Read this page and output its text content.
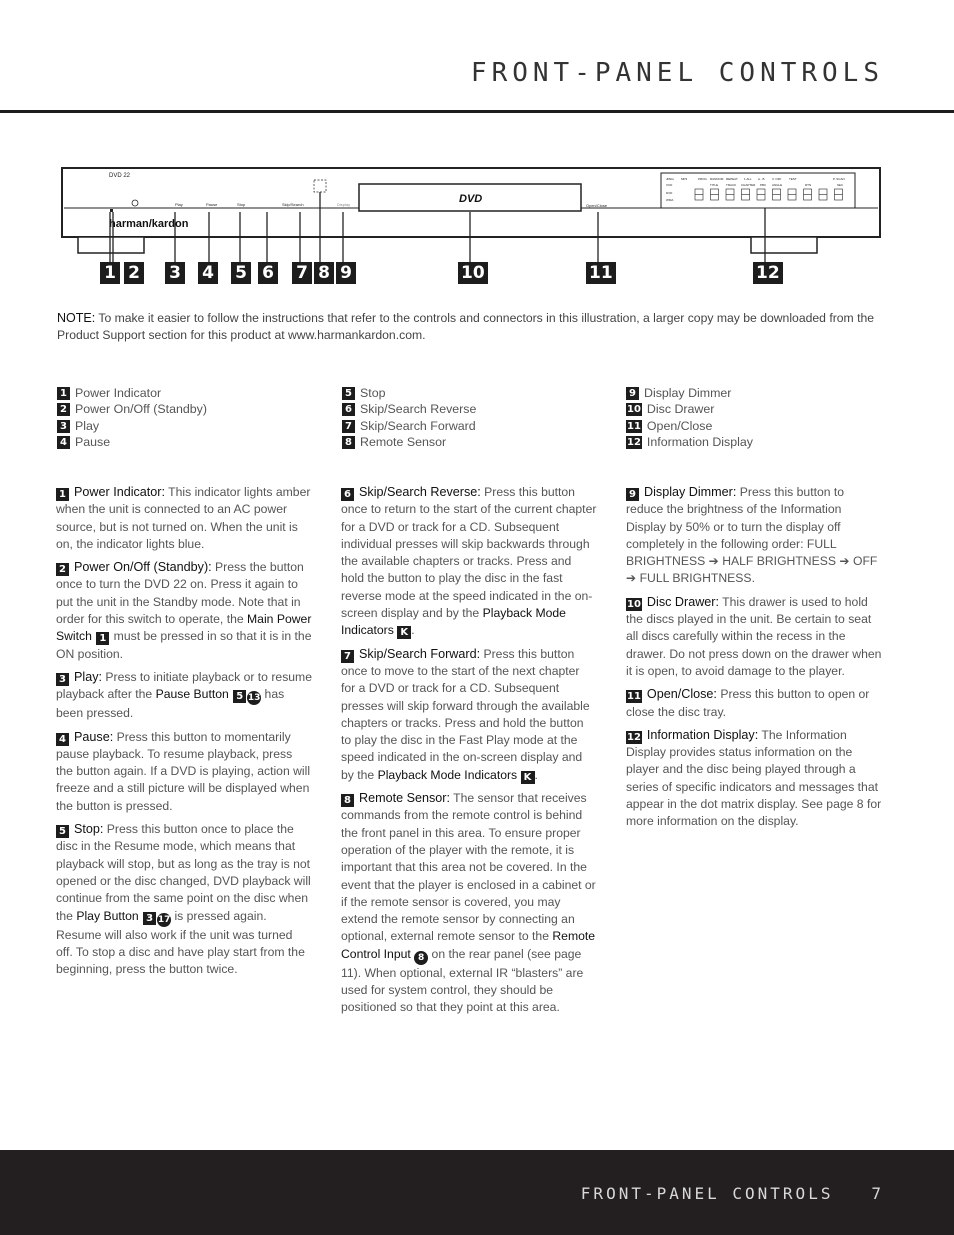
FRONT-PANEL CONTROLS
DVD 22
harman/kardon
Play	Pause	Stop	Skip/Search	Display	Open/Close
DVD
JPEG MP3	RANDOM REPEAT 1 ALL A - B V. OFF	TEST	P. SCAN
VCD
PROG
TITLE	TRACK CHAPTER PBC ANGLE	RTN	SEC
DVD
WMA
1 2 3 4 5 6 7 8 9	10	11	12
NOTE: To make it easier to follow the instructions that refer to the controls and connectors in this illustration, a larger copy may be downloaded from the Product Support section for this product at www.harmankardon.com.
1 Power Indicator
2 Power On/Off (Standby)
3 Play
4 Pause
5 Stop
6 Skip/Search Reverse
7 Skip/Search Forward
8 Remote Sensor
9 Display Dimmer
10 Disc Drawer
11 Open/Close
12 Information Display

1 Power Indicator: This indicator lights amber when the unit is connected to an AC power source, but is not turned on. When the unit is on, the indicator lights blue.

2 Power On/Off (Standby): Press the button once to turn the DVD 22 on. Press it again to put the unit in the Standby mode. Note that in order for this switch to operate, the Main Power Switch 1 must be pressed in so that it is in the ON position.

3 Play: Press to initiate playback or to resume playback after the Pause Button 5 13 has been pressed.

4 Pause: Press this button to momentarily pause playback. To resume playback, press the button again. If a DVD is playing, action will freeze and a still picture will be displayed when the button is pressed.

5 Stop: Press this button once to place the disc in the Resume mode, which means that playback will stop, but as long as the tray is not opened or the disc changed, DVD playback will continue from the same point on the disc when the Play Button 3 17 is pressed again. Resume will also work if the unit was turned off. To stop a disc and have play start from the beginning, press the button twice.

6 Skip/Search Reverse: Press this button once to return to the start of the current chapter for a DVD or track for a CD. Subsequent individual presses will skip backwards through the available chapters or tracks. Press and hold the button to play the disc in the fast reverse mode at the speed indicated in the on-screen display and by the Playback Mode Indicators K .

7 Skip/Search Forward: Press this button once to move to the start of the next chapter for a DVD or track for a CD. Subsequent presses will skip forward through the available chapters or tracks. Press and hold the button to play the disc in the Fast Play mode at the speed indicated in the on-screen display and by the Playback Mode Indicators K .

8 Remote Sensor: The sensor that receives commands from the remote control is behind the front panel in this area. To ensure proper operation of the player with the remote, it is important that this area not be covered. In the event that the player is enclosed in a cabinet or if the remote sensor is covered, you may extend the remote sensor by connecting an optional, external remote sensor to the Remote Control Input 8 on the rear panel (see page 11). When optional, external IR “blasters” are used for system control, they should be positioned so that they point at this area.

9 Display Dimmer: Press this button to reduce the brightness of the Information Display by 50% or to turn the display off completely in the following order: FULL BRIGHTNESS ➔ HALF BRIGHTNESS ➔ OFF ➔ FULL BRIGHTNESS.

10 Disc Drawer: This drawer is used to hold the discs played in the unit. Be certain to seat all discs carefully within the recess in the drawer. Do not press down on the drawer when it is open, to avoid damage to the player.

11 Open/Close: Press this button to open or close the disc tray.

12 Information Display: The Information Display provides status information on the player and the disc being played through a series of specific indicators and messages that appear in the dot matrix display. See page 8 for more information on the display.

FRONT-PANEL CONTROLS 7
